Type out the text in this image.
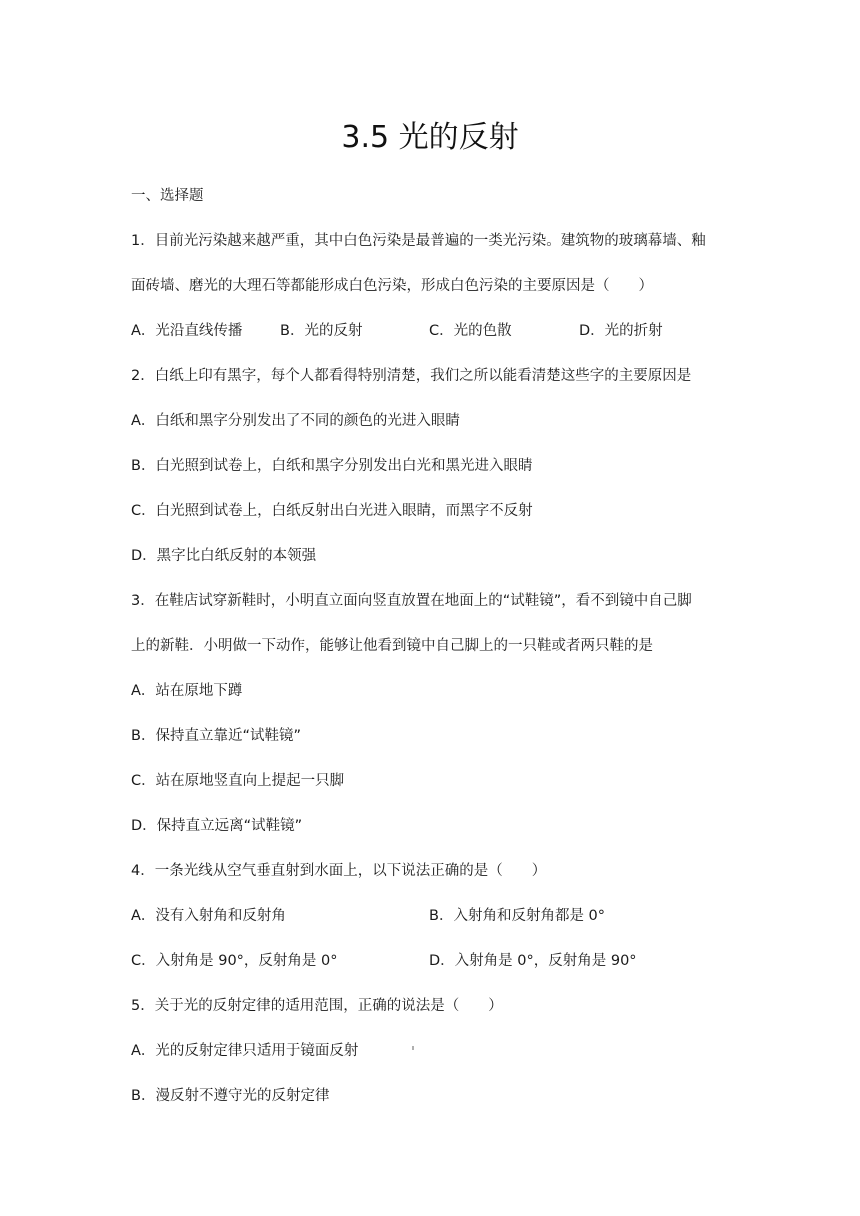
3.5 光的反射

一、选择题

1．目前光污染越来越严重，其中白色污染是最普遍的一类光污染。建筑物的玻璃幕墙、釉

面砖墙、磨光的大理石等都能形成白色污染，形成白色污染的主要原因是（　　）

A．光沿直线传播	B．光的反射	C．光的色散	D．光的折射

2．白纸上印有黑字，每个人都看得特别清楚，我们之所以能看清楚这些字的主要原因是

A．白纸和黑字分别发出了不同的颜色的光进入眼睛

B．白光照到试卷上，白纸和黑字分别发出白光和黑光进入眼睛

C．白光照到试卷上，白纸反射出白光进入眼睛，而黑字不反射

D．黑字比白纸反射的本领强

3．在鞋店试穿新鞋时，小明直立面向竖直放置在地面上的“试鞋镜”，看不到镜中自己脚

上的新鞋．小明做一下动作，能够让他看到镜中自己脚上的一只鞋或者两只鞋的是

A．站在原地下蹲

B．保持直立靠近“试鞋镜”

C．站在原地竖直向上提起一只脚

D．保持直立远离“试鞋镜”

4．一条光线从空气垂直射到水面上，以下说法正确的是（　　）

A．没有入射角和反射角	B．入射角和反射角都是 0°
C．入射角是 90°，反射角是 0°	D．入射角是 0°，反射角是 90°

5．关于光的反射定律的适用范围，正确的说法是（　　）

A．光的反射定律只适用于镜面反射

B．漫反射不遵守光的反射定律
